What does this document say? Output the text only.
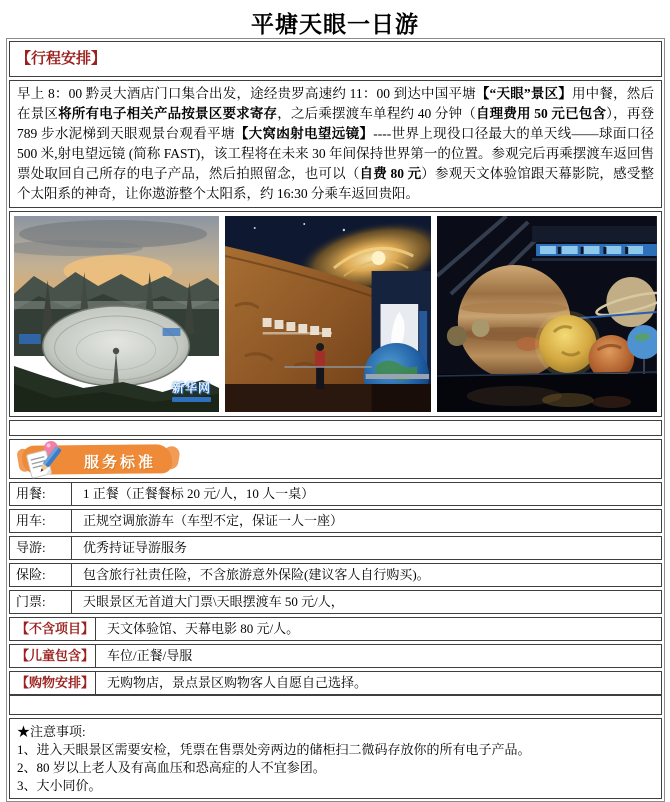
平塘天眼一日游
【行程安排】
早上 8：00 黔灵大酒店门口集合出发，途经贵罗高速约 11：00 到达中国平塘【“天眼”景区】用中餐，然后在景区将所有电子相关产品按景区要求寄存，之后乘摆渡车单程约 40 分钟（自理费用 50 元已包含），再登 789 步水泥梯到天眼观景台观看平塘【大窝凼射电望远镜】----世界上现役口径最大的单天线——球面口径 500 米,射电望远镜 (简称 FAST)，该工程将在未来 30 年间保持世界第一的位置。参观完后再乘摆渡车返回售票处取回自己所存的电子产品，然后拍照留念，也可以（自费 80 元）参观天文体验馆跟天幕影院，感受整个太阳系的神奇，让你遨游整个太阳系，约 16:30 分乘车返回贵阳。
新华网
服务标准
用餐:	1 正餐（正餐餐标 20 元/人，10 人一桌）
用车:	正规空调旅游车（车型不定，保证一人一座）
导游:	优秀持证导游服务
保险:	包含旅行社责任险，不含旅游意外保险(建议客人自行购买)。
门票:	天眼景区无首道大门票\天眼摆渡车 50 元/人，
【不含项目】 天文体验馆、天幕电影 80 元/人。
【儿童包含】 车位/正餐/导服
【购物安排】 无购物店，景点景区购物客人自愿自己选择。
★注意事项:
1、进入天眼景区需要安检，凭票在售票处旁两边的储柜扫二微码存放你的所有电子产品。
2、80 岁以上老人及有高血压和恐高症的人不宜参团。
3、大小同价。
